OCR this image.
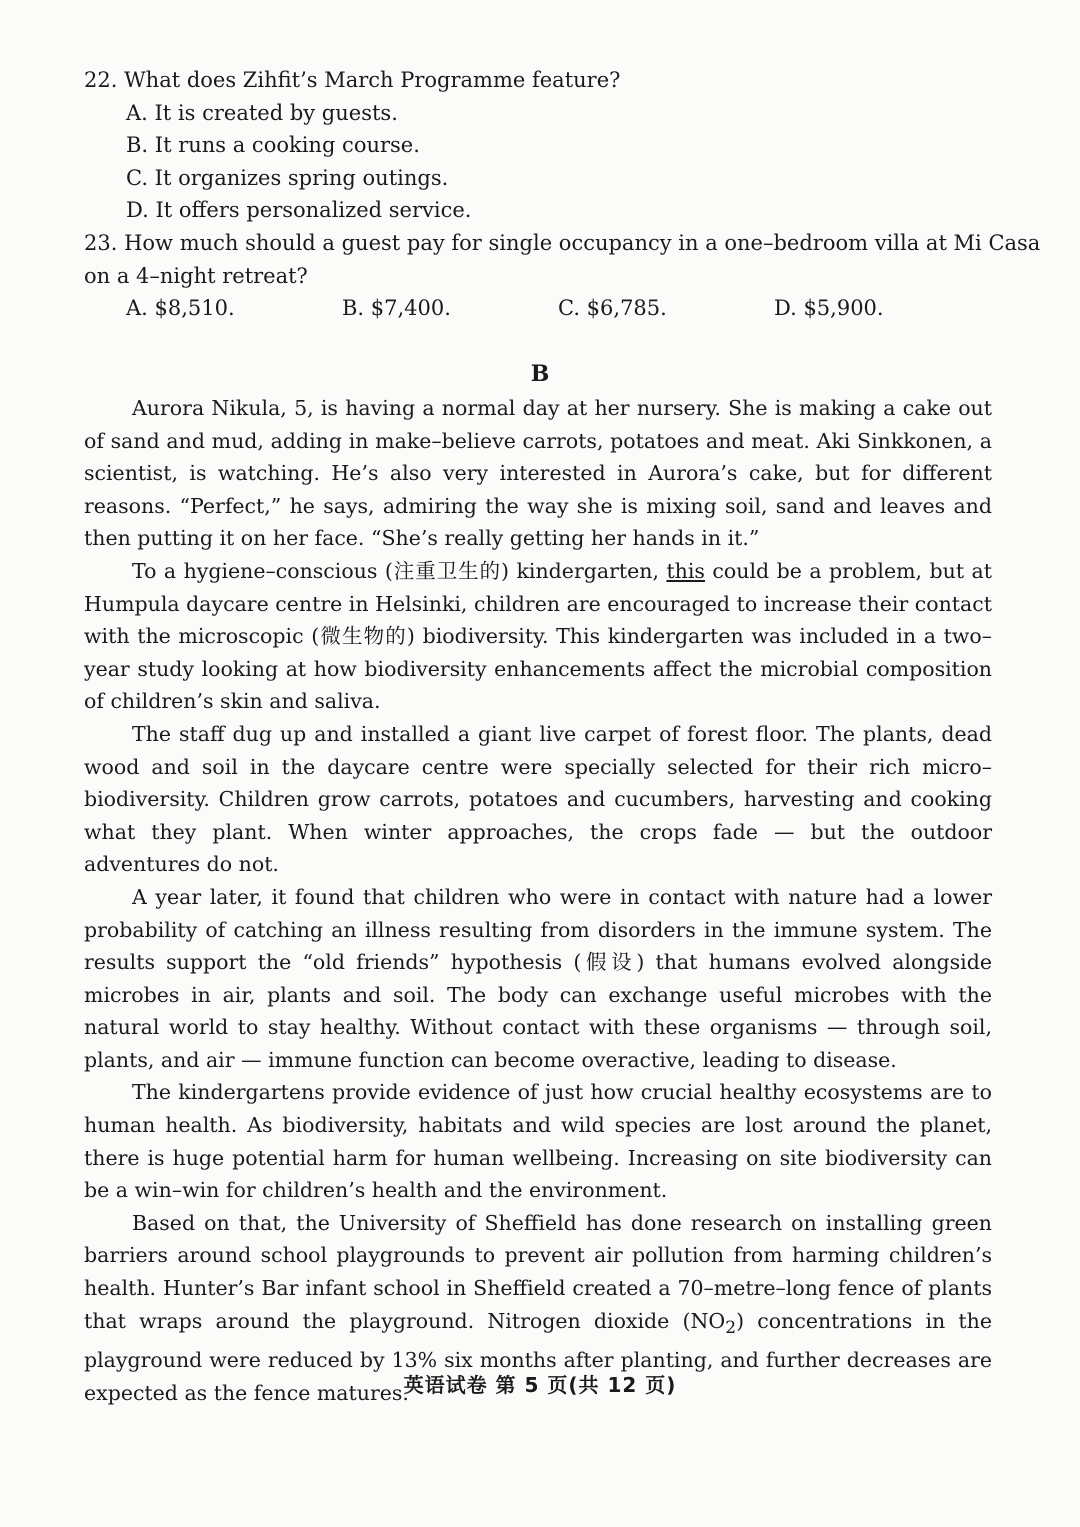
22. What does Zihfit’s March Programme feature?
A. It is created by guests.
B. It runs a cooking course.
C. It organizes spring outings.
D. It offers personalized service.
23. How much should a guest pay for single occupancy in a one–bedroom villa at Mi Casa
on a 4–night retreat?
A. $8,510.	B. $7,400.	C. $6,785.	D. $5,900.
B

Aurora Nikula, 5, is having a normal day at her nursery. She is making a cake out of sand and mud, adding in make–believe carrots, potatoes and meat. Aki Sinkkonen, a scientist, is watching. He’s also very interested in Aurora’s cake, but for different reasons. “Perfect,” he says, admiring the way she is mixing soil, sand and leaves and then putting it on her face. “She’s really getting her hands in it.”

To a hygiene–conscious (注重卫生的) kindergarten, this could be a problem, but at Humpula daycare centre in Helsinki, children are encouraged to increase their contact with the microscopic (微生物的) biodiversity. This kindergarten was included in a two–year study looking at how biodiversity enhancements affect the microbial composition of children’s skin and saliva.

The staff dug up and installed a giant live carpet of forest floor. The plants, dead wood and soil in the daycare centre were specially selected for their rich micro–biodiversity. Children grow carrots, potatoes and cucumbers, harvesting and cooking what they plant. When winter approaches, the crops fade — but the outdoor adventures do not.

A year later, it found that children who were in contact with nature had a lower probability of catching an illness resulting from disorders in the immune system. The results support the “old friends” hypothesis (假设) that humans evolved alongside microbes in air, plants and soil. The body can exchange useful microbes with the natural world to stay healthy. Without contact with these organisms — through soil, plants, and air — immune function can become overactive, leading to disease.

The kindergartens provide evidence of just how crucial healthy ecosystems are to human health. As biodiversity, habitats and wild species are lost around the planet, there is huge potential harm for human wellbeing. Increasing on site biodiversity can be a win–win for children’s health and the environment.

Based on that, the University of Sheffield has done research on installing green barriers around school playgrounds to prevent air pollution from harming children’s health. Hunter’s Bar infant school in Sheffield created a 70–metre–long fence of plants that wraps around the playground. Nitrogen dioxide $(NO_2)$ concentrations in the playground were reduced by 13% six months after planting, and further decreases are expected as the fence matures.

英语试卷 第 5 页(共 12 页)
